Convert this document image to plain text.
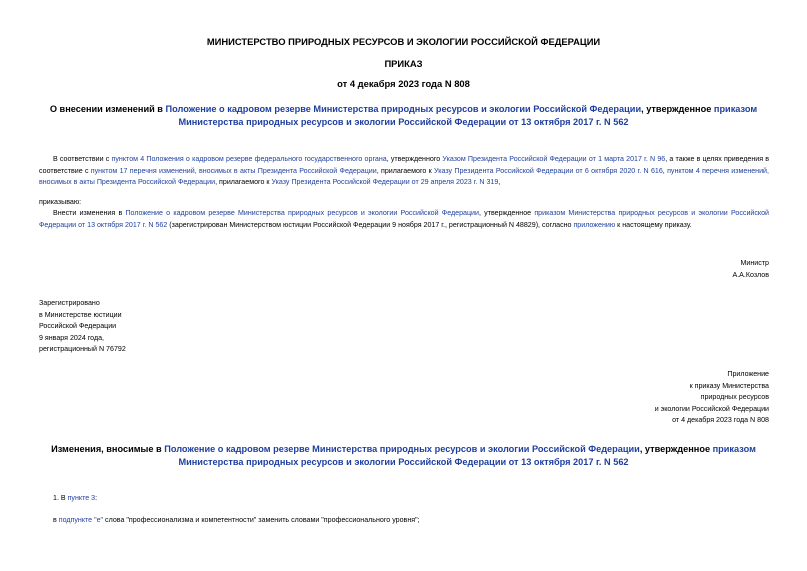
МИНИСТЕРСТВО ПРИРОДНЫХ РЕСУРСОВ И ЭКОЛОГИИ РОССИЙСКОЙ ФЕДЕРАЦИИ
ПРИКАЗ
от 4 декабря 2023 года N 808
О внесении изменений в Положение о кадровом резерве Министерства природных ресурсов и экологии Российской Федерации, утвержденное приказом
Министерства природных ресурсов и экологии Российской Федерации от 13 октября 2017 г. N 562
В соответствии с пунктом 4 Положения о кадровом резерве федерального государственного органа, утвержденного Указом Президента Российской Федерации от 1 марта 2017 г. N 96, а также в целях приведения в соответствие с пунктом 17 перечня изменений, вносимых в акты Президента Российской Федерации, прилагаемого к Указу Президента Российской Федерации от 6 октября 2020 г. N 616, пунктом 4 перечня изменений, вносимых в акты Президента Российской Федерации, прилагаемого к Указу Президента Российской Федерации от 29 апреля 2023 г. N 319,
приказываю:
Внести изменения в Положение о кадровом резерве Министерства природных ресурсов и экологии Российской Федерации, утвержденное приказом Министерства природных ресурсов и экологии Российской Федерации от 13 октября 2017 г. N 562 (зарегистрирован Министерством юстиции Российской Федерации 9 ноября 2017 г., регистрационный N 48829), согласно приложению к настоящему приказу.
Министр
А.А.Козлов
Зарегистрировано
в Министерстве юстиции
Российской Федерации
9 января 2024 года,
регистрационный N 76792
Приложение
к приказу Министерства
природных ресурсов
и экологии Российской Федерации
от 4 декабря 2023 года N 808
Изменения, вносимые в Положение о кадровом резерве Министерства природных ресурсов и экологии Российской Федерации, утвержденное приказом
Министерства природных ресурсов и экологии Российской Федерации от 13 октября 2017 г. N 562
1. В пункте 3:
в подпункте "е" слова "профессионализма и компетентности" заменить словами "профессионального уровня";
